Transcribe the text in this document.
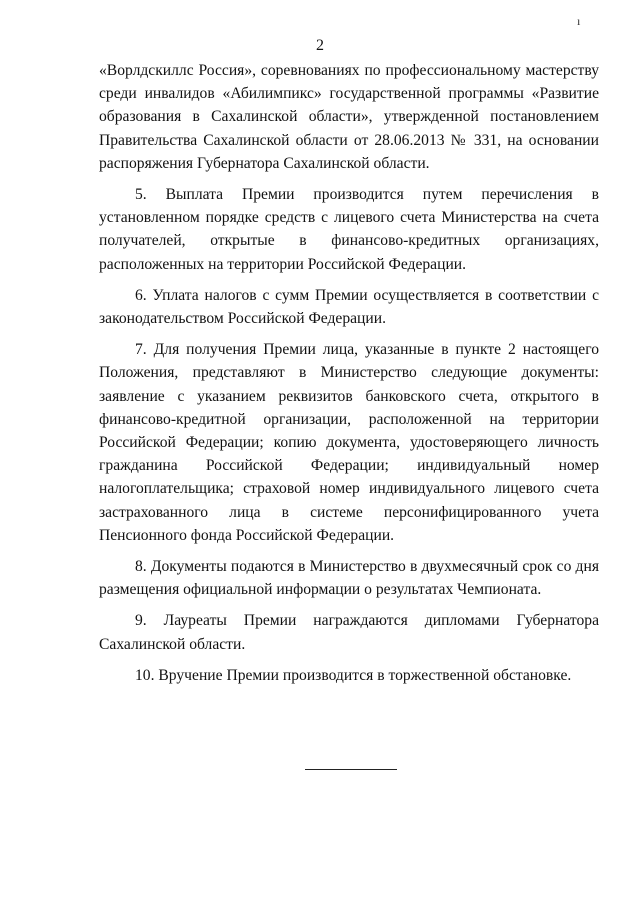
ı
2

«Ворлдскиллс Россия», соревнованиях по профессиональному мастерству среди инвалидов «Абилимпикс» государственной программы «Развитие образования в Сахалинской области», утвержденной постановлением Правительства Сахалинской области от 28.06.2013 № 331, на основании распоряжения Губернатора Сахалинской области.

5. Выплата Премии производится путем перечисления в установленном порядке средств с лицевого счета Министерства на счета получателей, открытые в финансово-кредитных организациях, расположенных на территории Российской Федерации.

6. Уплата налогов с сумм Премии осуществляется в соответствии с законодательством Российской Федерации.

7. Для получения Премии лица, указанные в пункте 2 настоящего Положения, представляют в Министерство следующие документы: заявление с указанием реквизитов банковского счета, открытого в финансово-кредитной организации, расположенной на территории Российской Федерации; копию документа, удостоверяющего личность гражданина Российской Федерации; индивидуальный номер налогоплательщика; страховой номер индивидуального лицевого счета застрахованного лица в системе персонифицированного учета Пенсионного фонда Российской Федерации.

8. Документы подаются в Министерство в двухмесячный срок со дня размещения официальной информации о результатах Чемпионата.

9. Лауреаты Премии награждаются дипломами Губернатора Сахалинской области.

10. Вручение Премии производится в торжественной обстановке.
